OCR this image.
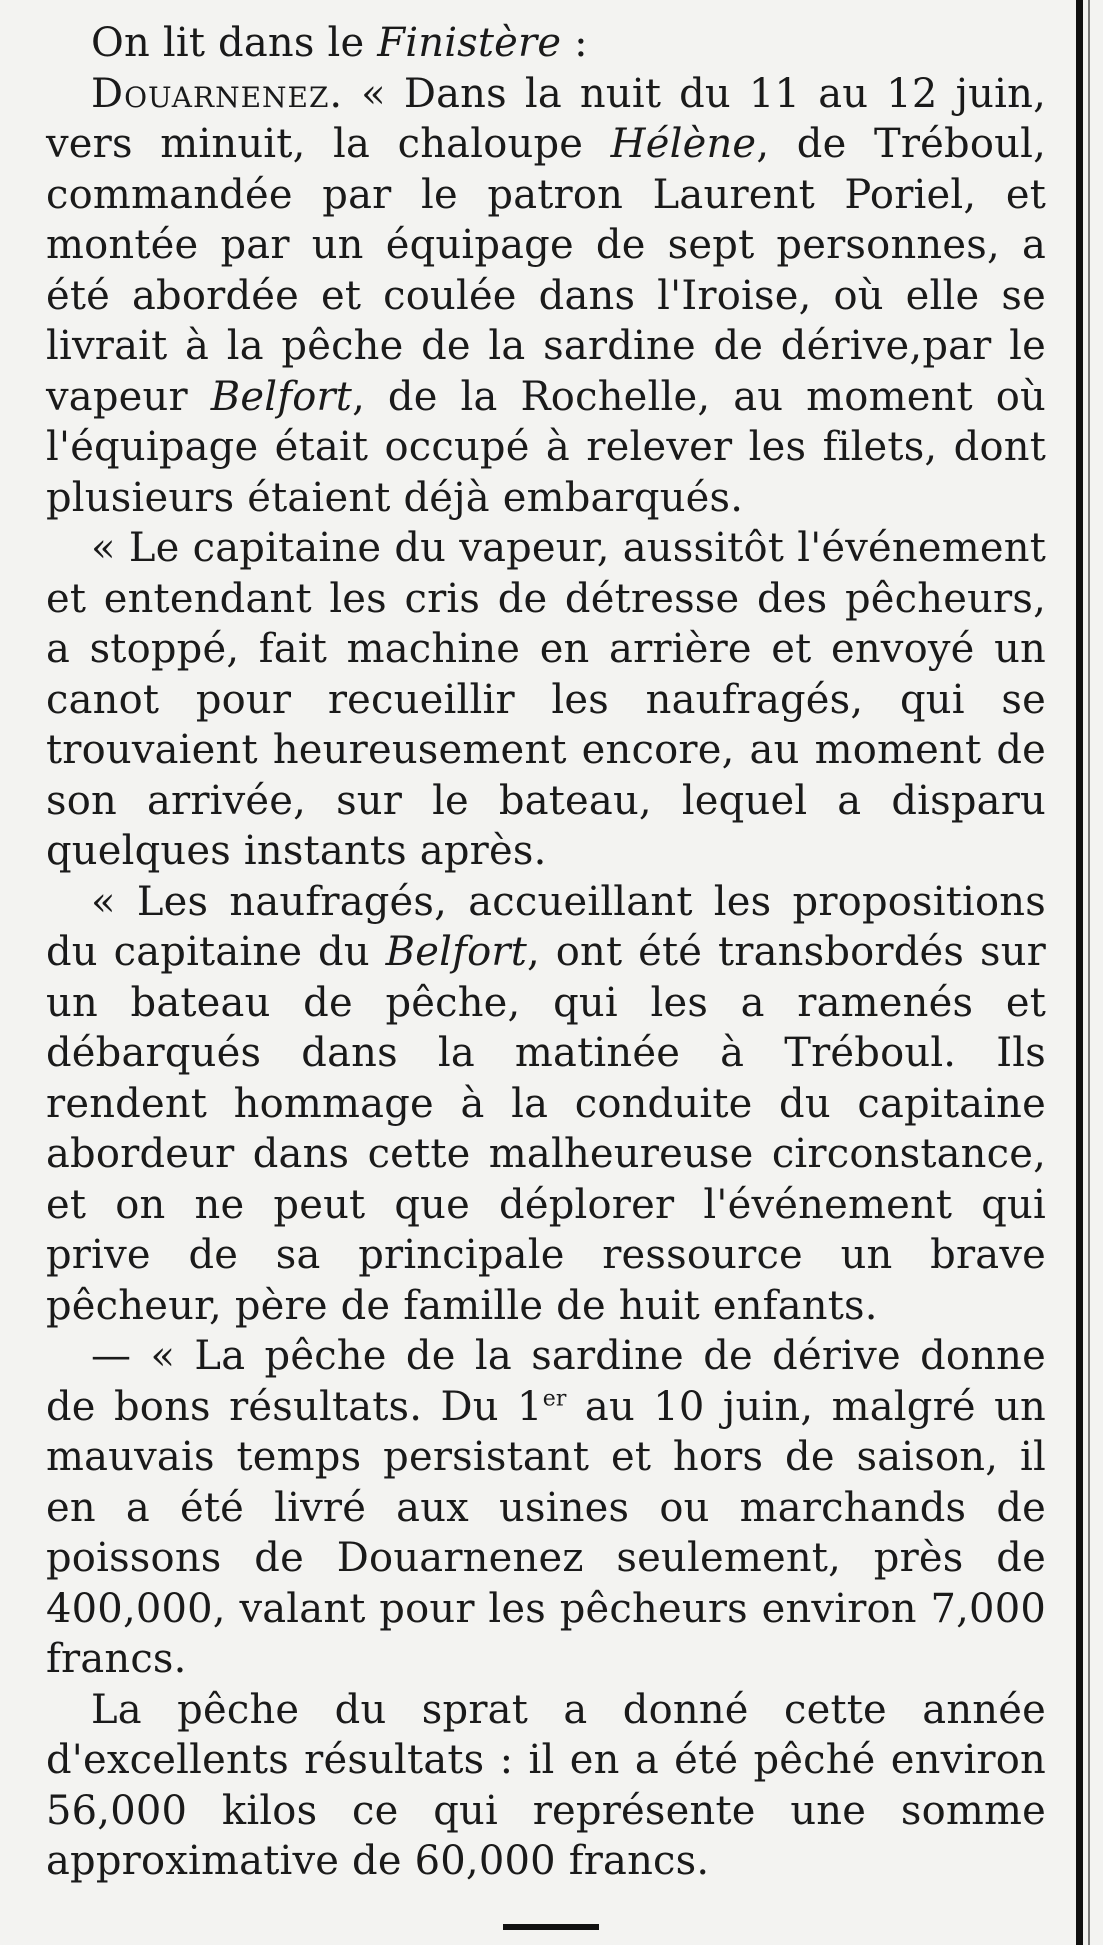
On lit dans le Finistère :

Douarnenez. « Dans la nuit du 11 au 12 juin, vers minuit, la chaloupe Hélène, de Tréboul, commandée par le patron Laurent Poriel, et montée par un équipage de sept personnes, a été abordée et coulée dans l'Iroise, où elle se livrait à la pêche de la sardine de dérive,par le vapeur Belfort, de la Rochelle, au moment où l'équipage était occupé à relever les filets, dont plusieurs étaient déjà embarqués.

« Le capitaine du vapeur, aussitôt l'événement et entendant les cris de détresse des pêcheurs, a stoppé, fait machine en arrière et envoyé un canot pour recueillir les naufragés, qui se trouvaient heureusement encore, au moment de son arrivée, sur le bateau, lequel a disparu quelques instants après.

« Les naufragés, accueillant les propositions du capitaine du Belfort, ont été transbordés sur un bateau de pêche, qui les a ramenés et débarqués dans la matinée à Tréboul. Ils rendent hommage à la conduite du capitaine abordeur dans cette malheureuse circonstance, et on ne peut que déplorer l'événement qui prive de sa principale ressource un brave pêcheur, père de famille de huit enfants.

— « La pêche de la sardine de dérive donne de bons résultats. Du 1er au 10 juin, malgré un mauvais temps persistant et hors de saison, il en a été livré aux usines ou marchands de poissons de Douarnenez seulement, près de 400,000, valant pour les pêcheurs environ 7,000 francs.

La pêche du sprat a donné cette année d'excellents résultats : il en a été pêché environ 56,000 kilos ce qui représente une somme approximative de 60,000 francs.
